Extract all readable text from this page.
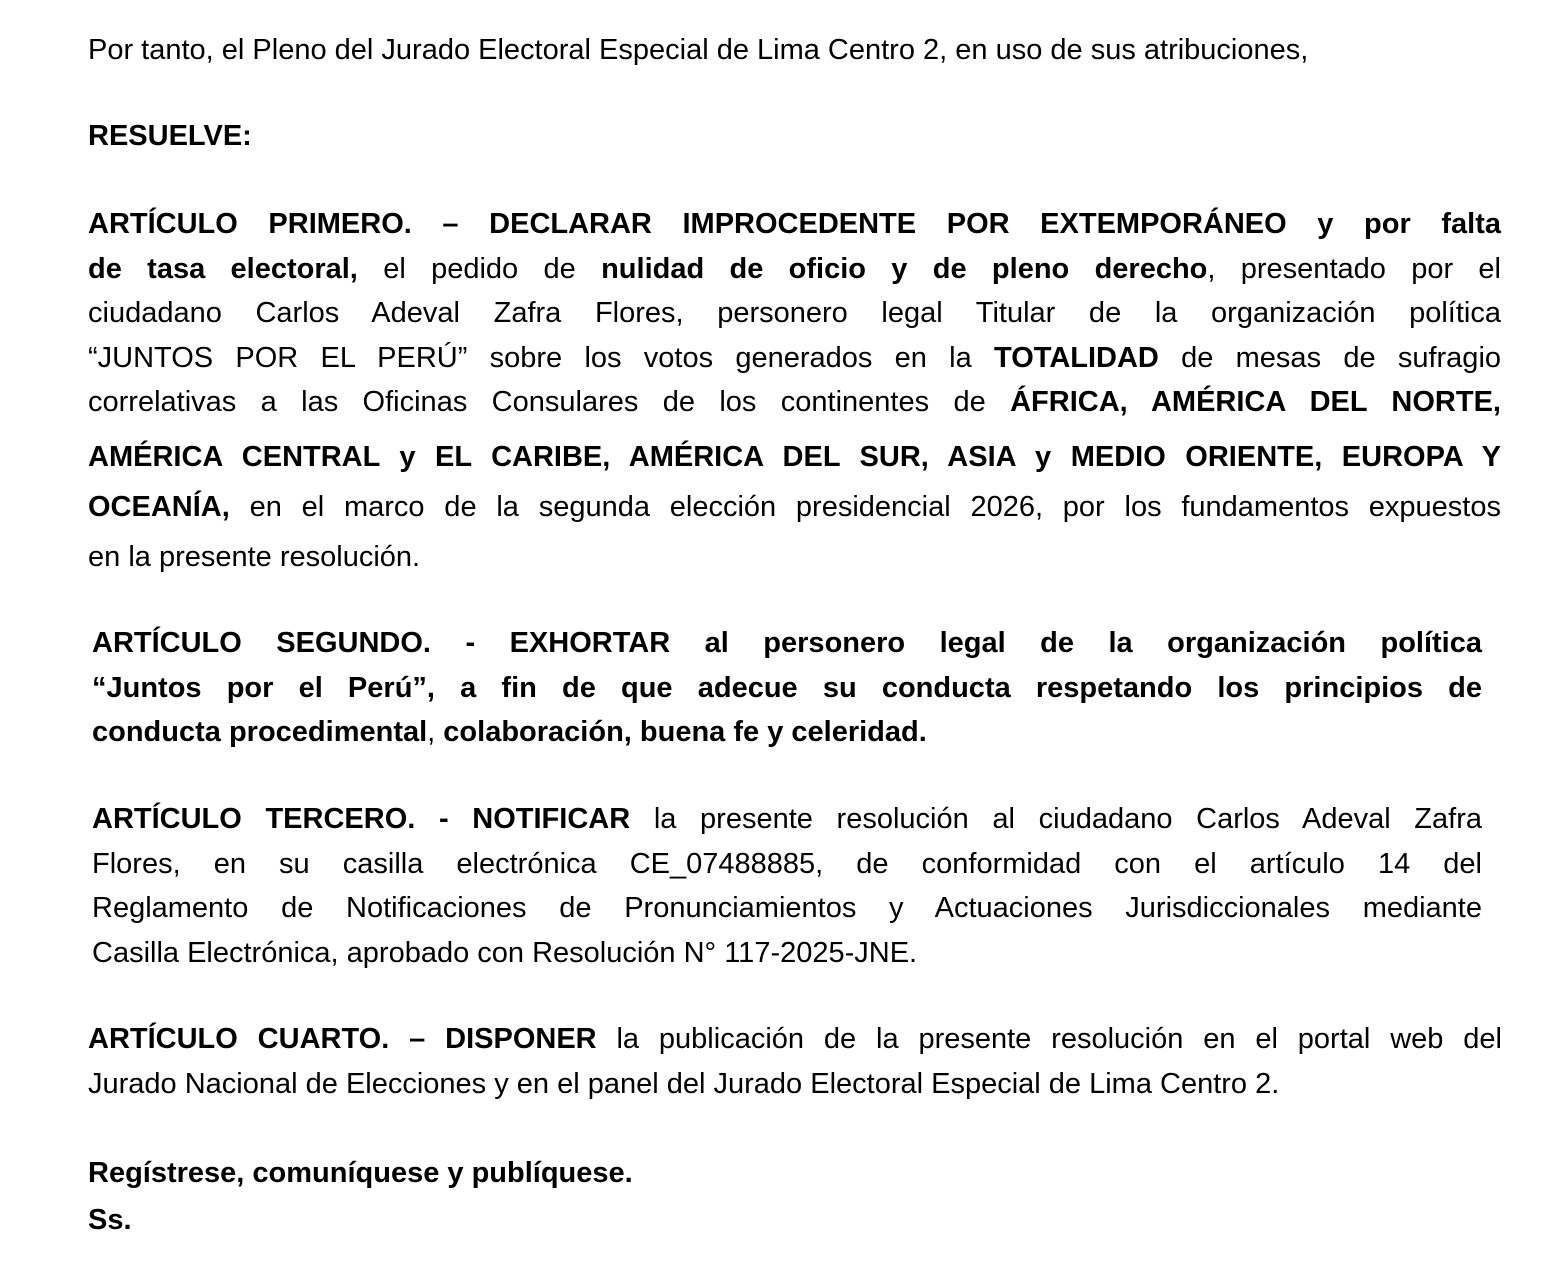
Por tanto, el Pleno del Jurado Electoral Especial de Lima Centro 2, en uso de sus atribuciones,

RESUELVE:

ARTÍCULO PRIMERO. – DECLARAR IMPROCEDENTE POR EXTEMPORÁNEO y por falta
de tasa electoral, el pedido de nulidad de oficio y de pleno derecho, presentado por el
ciudadano Carlos Adeval Zafra Flores, personero legal Titular de la organización política
“JUNTOS POR EL PERÚ” sobre los votos generados en la TOTALIDAD de mesas de sufragio
correlativas a las Oficinas Consulares de los continentes de ÁFRICA, AMÉRICA DEL NORTE,
AMÉRICA CENTRAL y EL CARIBE, AMÉRICA DEL SUR, ASIA y MEDIO ORIENTE, EUROPA Y
OCEANÍA, en el marco de la segunda elección presidencial 2026, por los fundamentos expuestos
en la presente resolución.
ARTÍCULO SEGUNDO. - EXHORTAR al personero legal de la organización política
“Juntos por el Perú”, a fin de que adecue su conducta respetando los principios de
conducta procedimental, colaboración, buena fe y celeridad.
ARTÍCULO TERCERO. - NOTIFICAR la presente resolución al ciudadano Carlos Adeval Zafra
Flores, en su casilla electrónica CE_07488885, de conformidad con el artículo 14 del
Reglamento de Notificaciones de Pronunciamientos y Actuaciones Jurisdiccionales mediante
Casilla Electrónica, aprobado con Resolución N° 117-2025-JNE.
ARTÍCULO CUARTO. – DISPONER la publicación de la presente resolución en el portal web del
Jurado Nacional de Elecciones y en el panel del Jurado Electoral Especial de Lima Centro 2.
Regístrese, comuníquese y publíquese.
Ss.
